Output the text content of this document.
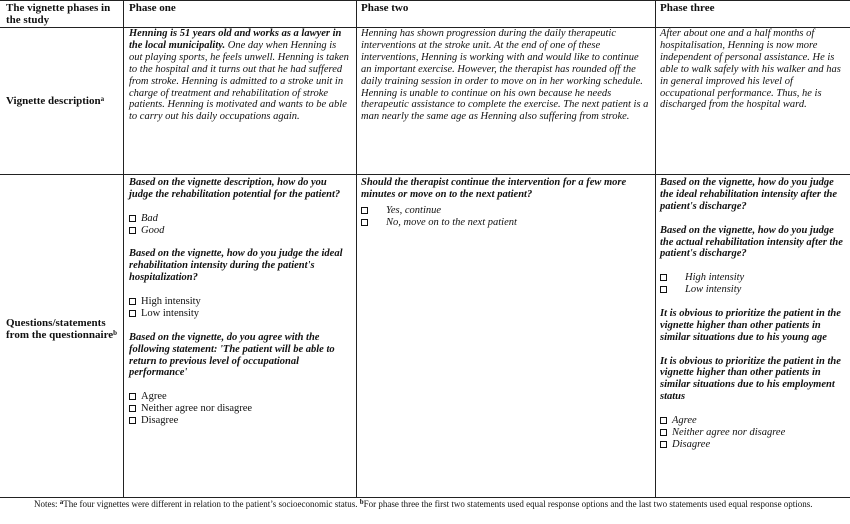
The vignette phases in the study
Phase one	Phase two	Phase three
Vignette description$^a$
Henning is 51 years old and works as a lawyer in the local municipality. One day when Henning is out playing sports, he feels unwell. Henning is taken to the hospital and it turns out that he had suffered from stroke. Henning is admitted to a stroke unit in charge of treatment and rehabilitation of stroke patients. Henning is motivated and wants to be able to carry out his daily occupations again.
Henning has shown progression during the daily therapeutic interventions at the stroke unit. At the end of one of these interventions, Henning is working with and would like to continue an important exercise. However, the therapist has rounded off the daily training session in order to move on in her working schedule. Henning is unable to continue on his own because he needs therapeutic assistance to complete the exercise. The next patient is a man nearly the same age as Henning also suffering from stroke.
After about one and a half months of hospitalisation, Henning is now more independent of personal assistance. He is able to walk safely with his walker and has in general improved his level of occupational performance. Thus, he is discharged from the hospital ward.
Questions/statements from the questionnaire$^b$
Based on the vignette description, how do you judge the rehabilitation potential for the patient?
Bad
Good
Based on the vignette, how do you judge the ideal rehabilitation intensity during the patient's hospitalization?
High intensity
Low intensity
Based on the vignette, do you agree with the following statement: 'The patient will be able to return to previous level of occupational performance'
Agree
Neither agree nor disagree
Disagree
Should the therapist continue the intervention for a few more minutes or move on to the next patient?
Yes, continue
No, move on to the next patient
Based on the vignette, how do you judge the ideal rehabilitation intensity after the patient's discharge?
Based on the vignette, how do you judge the actual rehabilitation intensity after the patient's discharge?
High intensity
Low intensity
It is obvious to prioritize the patient in the vignette higher than other patients in similar situations due to his young age
It is obvious to prioritize the patient in the vignette higher than other patients in similar situations due to his employment status
Agree
Neither agree nor disagree
Disagree
Notes: $^a$The four vignettes were different in relation to the patient’s socioeconomic status. $^b$For phase three the first two statements used equal response options and the last two statements used equal response options.
